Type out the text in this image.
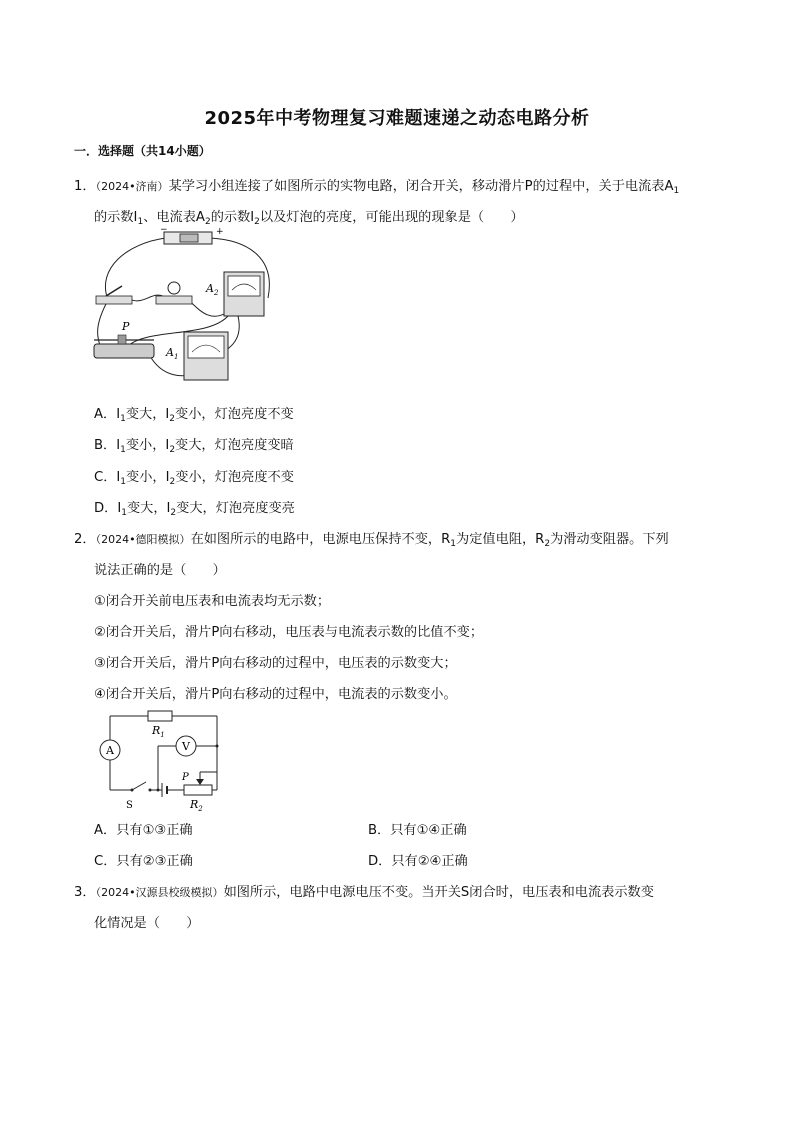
2025年中考物理复习难题速递之动态电路分析
一．选择题（共14小题）
1．（2024•济南）某学习小组连接了如图所示的实物电路，闭合开关，移动滑片P的过程中，关于电流表$A_1$
的示数$I_1$、电流表$A_2$的示数$I_2$以及灯泡的亮度，可能出现的现象是（　　）
−	+
$A_2$
P
$A_1$
A．$I_1$变大，$I_2$变小，灯泡亮度不变
B．$I_1$变小，$I_2$变大，灯泡亮度变暗
C．$I_1$变小，$I_2$变小，灯泡亮度不变
D．$I_1$变大，$I_2$变大，灯泡亮度变亮
2．（2024•德阳模拟）在如图所示的电路中，电源电压保持不变，$R_1$为定值电阻，$R_2$为滑动变阻器。下列
说法正确的是（　　）
①闭合开关前电压表和电流表均无示数；
②闭合开关后，滑片P向右移动，电压表与电流表示数的比值不变；
③闭合开关后，滑片P向右移动的过程中，电压表的示数变大；
④闭合开关后，滑片P向右移动的过程中，电流表的示数变小。
A
P
V
$R_1$
S	$R_2$
A．只有①③正确	B．只有①④正确
C．只有②③正确	D．只有②④正确
3．（2024•汉源县校级模拟）如图所示，电路中电源电压不变。当开关S闭合时，电压表和电流表示数变
化情况是（　　）
